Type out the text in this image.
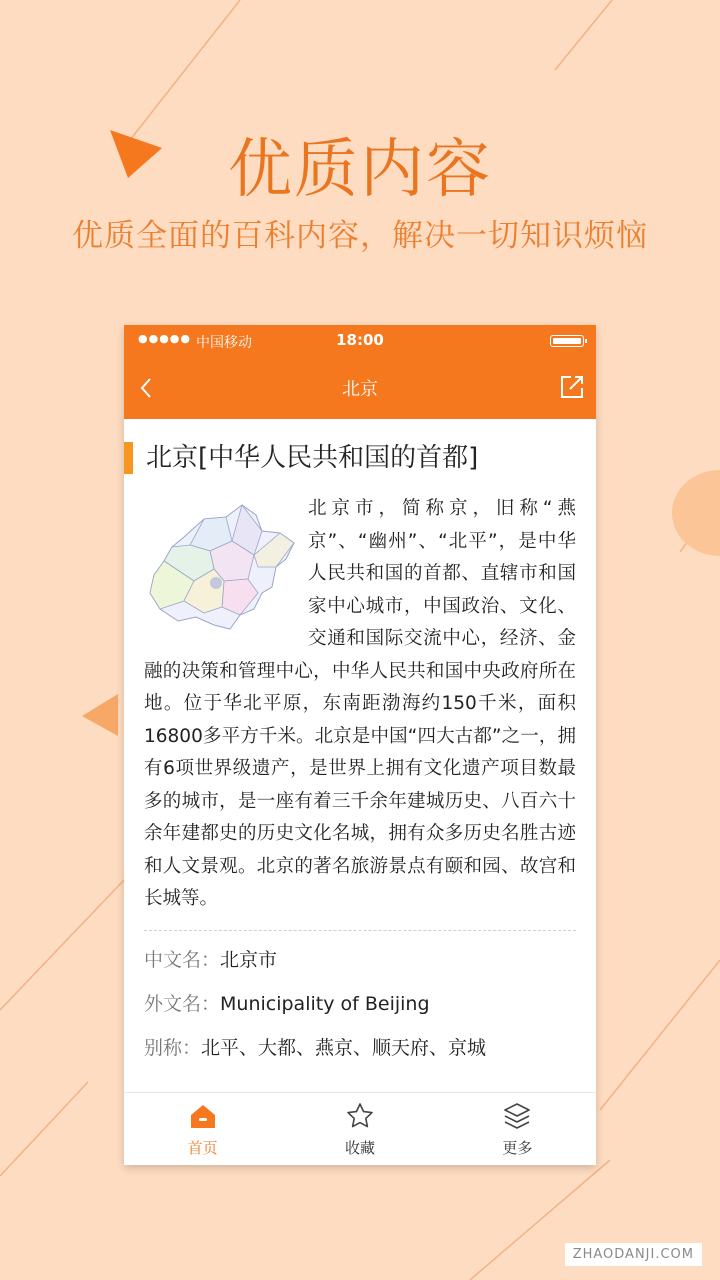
优质内容
优质全面的百科内容，解决一切知识烦恼
●●●●● 中国移动	18:00
北京
北京[中华人民共和国的首都]
北京市，简称京，旧称“燕京”、“幽州”、“北平”，是中华人民共和国的首都、直辖市和国家中心城市，中国政治、文化、交通和国际交流中心，经济、金融的决策和管理中心，中华人民共和国中央政府所在地。位于华北平原，东南距渤海约150千米，面积16800多平方千米。北京是中国“四大古都”之一，拥有6项世界级遗产，是世界上拥有文化遗产项目数最多的城市，是一座有着三千余年建城历史、八百六十余年建都史的历史文化名城，拥有众多历史名胜古迹和人文景观。北京的著名旅游景点有颐和园、故宫和长城等。
中文名：北京市
外文名：Municipality of Beijing
别称：北平、大都、燕京、顺天府、京城
首页	收藏	更多
ZHAODANJI.COM
